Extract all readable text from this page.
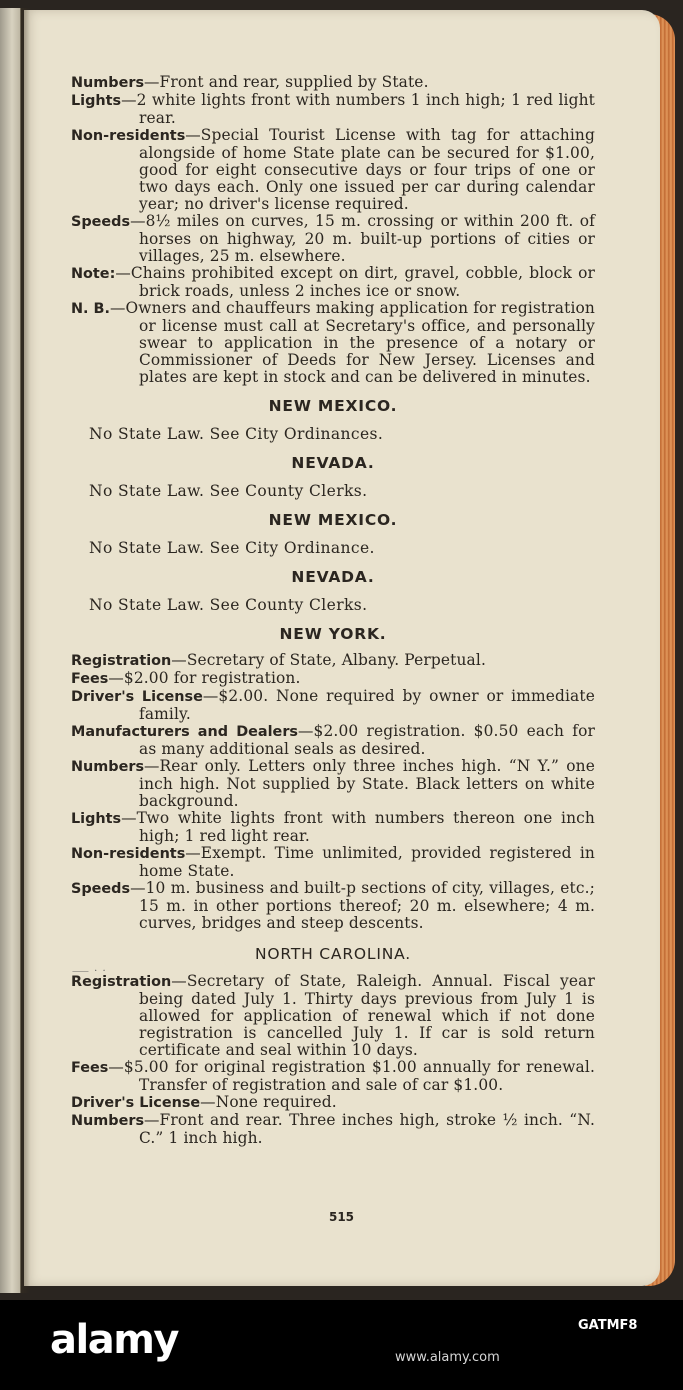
Numbers—Front and rear, supplied by State.

Lights—2 white lights front with numbers 1 inch high; 1 red light rear.

Non-residents—Special Tourist License with tag for attaching alongside of home State plate can be secured for $1.00, good for eight consecutive days or four trips of one or two days each. Only one issued per car during calendar year; no driver's license required.

Speeds—8½ miles on curves, 15 m. crossing or within 200 ft. of horses on highway, 20 m. built-up portions of cities or villages, 25 m. elsewhere.

Note:—Chains prohibited except on dirt, gravel, cobble, block or brick roads, unless 2 inches ice or snow.

N. B.—Owners and chauffeurs making application for registration or license must call at Secretary's office, and personally swear to application in the presence of a notary or Commissioner of Deeds for New Jersey. Licenses and plates are kept in stock and can be delivered in minutes.

NEW MEXICO.

No State Law. See City Ordinances.

NEVADA.

No State Law. See County Clerks.

NEW MEXICO.

No State Law. See City Ordinance.

NEVADA.

No State Law. See County Clerks.

NEW YORK.

Registration—Secretary of State, Albany. Perpetual.

Fees—$2.00 for registration.

Driver's License—$2.00. None required by owner or immediate family.

Manufacturers and Dealers—$2.00 registration. $0.50 each for as many additional seals as desired.

Numbers—Rear only. Letters only three inches high. “N Y.” one inch high. Not supplied by State. Black letters on white background.

Lights—Two white lights front with numbers thereon one inch high; 1 red light rear.

Non-residents—Exempt. Time unlimited, provided registered in home State.

Speeds—10 m. business and built-p sections of city, villages, etc.; 15 m. in other portions thereof; 20 m. elsewhere; 4 m. curves, bridges and steep descents.

NORTH CAROLINA.

Registration—Secretary of State, Raleigh. Annual. Fiscal year being dated July 1. Thirty days previous from July 1 is allowed for application of renewal which if not done registration is cancelled July 1. If car is sold return certificate and seal within 10 days.

Fees—$5.00 for original registration $1.00 annually for renewal. Transfer of registration and sale of car $1.00.

Driver's License—None required.

Numbers—Front and rear. Three inches high, stroke ½ inch. “N. C.” 1 inch high.

⸺ · ·
515
alamy	GATMF8
www.alamy.com
